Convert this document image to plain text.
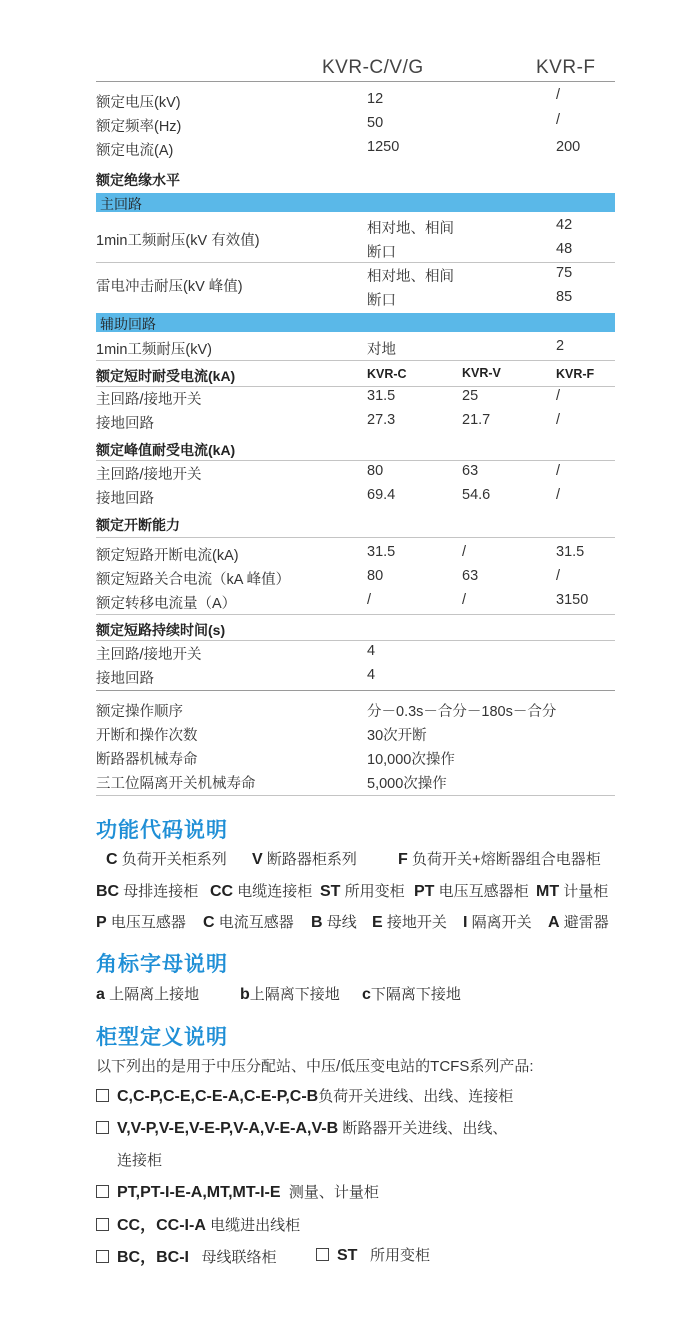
KVR-C/V/G	KVR-F
额定电压(kV)	12	/
额定频率(Hz)	50	/
额定电流(A)	1250	200
额定绝缘水平
主回路
1min工频耐压(kV 有效值)
相对地、相间	42
断口	48
雷电冲击耐压(kV 峰值)
相对地、相间	75
断口	85
辅助回路
1min工频耐压(kV)	对地	2
额定短时耐受电流(kA)	KVR-C	KVR-V	KVR-F
主回路/接地开关	31.5	25	/
接地回路	27.3	21.7	/
额定峰值耐受电流(kA)
主回路/接地开关	80	63	/
接地回路	69.4	54.6	/
额定开断能力
额定短路开断电流(kA)	31.5	/	31.5
额定短路关合电流（kA 峰值）	80	63	/
额定转移电流量（A）	/	/	3150
额定短路持续时间(s)
主回路/接地开关	4
接地回路	4
额定操作顺序	分－0.3s－合分－180s－合分
开断和操作次数	30次开断
断路器机械寿命	10,000次操作
三工位隔离开关机械寿命	5,000次操作
功能代码说明
C 负荷开关柜系列 V 断路器柜系列	F 负荷开关+熔断器组合电器柜
BC 母排连接柜 CC 电缆连接柜 ST 所用变柜 PT 电压互感器柜 MT 计量柜
P 电压互感器 C 电流互感器 B 母线 E 接地开关 I 隔离开关 A 避雷器
角标字母说明
a 上隔离上接地	b上隔离下接地 c下隔离下接地
柜型定义说明
以下列出的是用于中压分配站、中压/低压变电站的TCFS系列产品:
C,C-P,C-E,C-E-A,C-E-P,C-B负荷开关进线、出线、连接柜
V,V-P,V-E,V-E-P,V-A,V-E-A,V-B 断路器开关进线、出线、
连接柜
PT,PT-I-E-A,MT,MT-I-E 测量、计量柜
CC，CC-I-A 电缆进出线柜
BC，BC-I 母线联络柜	ST 所用变柜
